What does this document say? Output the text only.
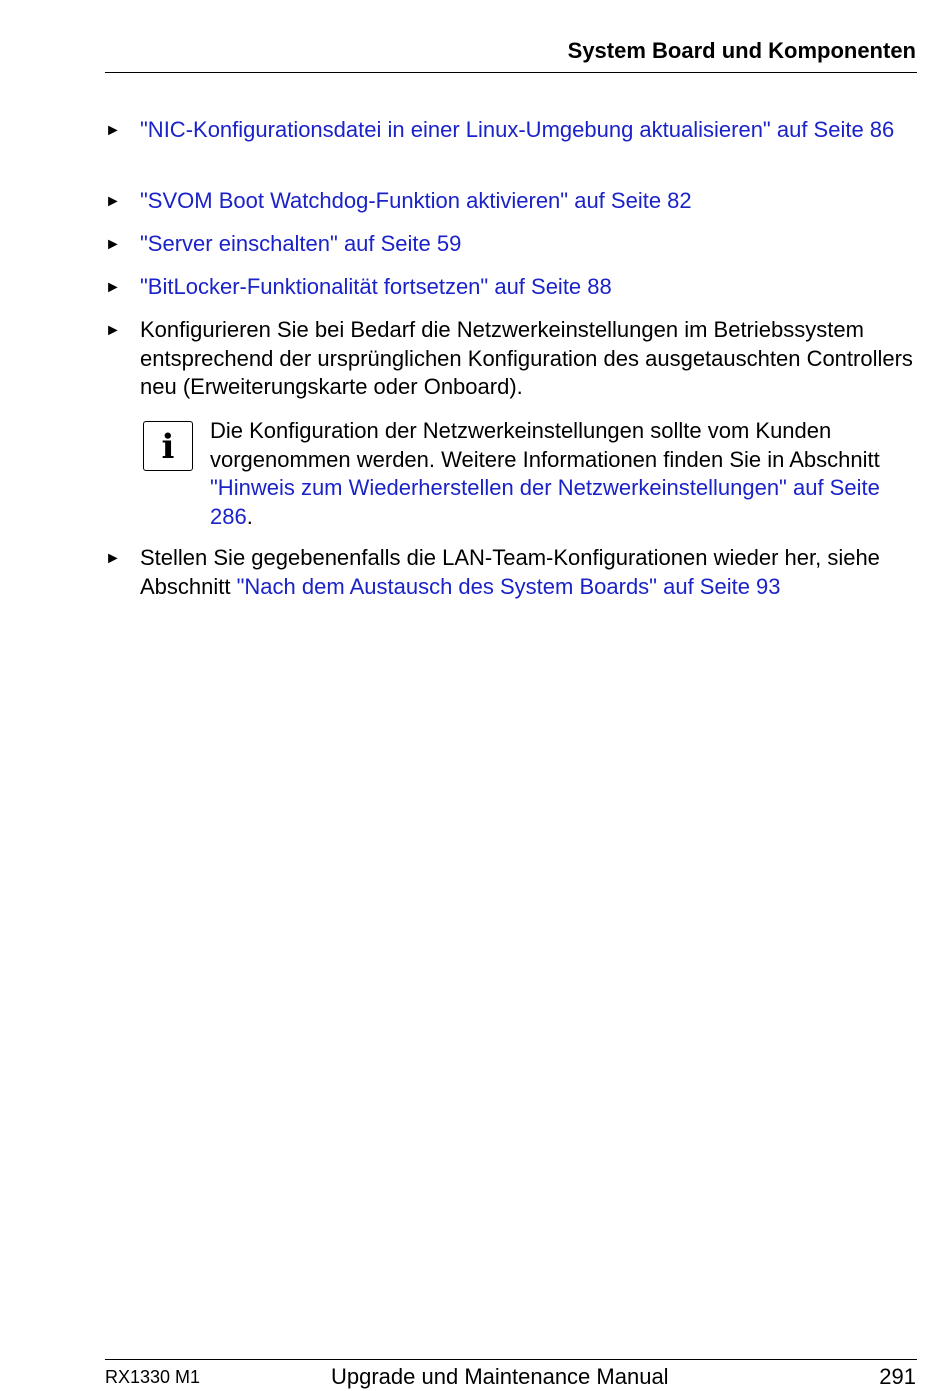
System Board und Komponenten
► "NIC-Konfigurationsdatei in einer Linux-Umgebung aktualisieren" auf Seite 86
► "SVOM Boot Watchdog-Funktion aktivieren" auf Seite 82
► "Server einschalten" auf Seite 59
► "BitLocker-Funktionalität fortsetzen" auf Seite 88
► Konfigurieren Sie bei Bedarf die Netzwerkeinstellungen im Betriebssystem entsprechend der ursprünglichen Konfiguration des ausgetauschten Controllers neu (Erweiterungskarte oder Onboard).
i	Die Konfiguration der Netzwerkeinstellungen sollte vom Kunden vorgenommen werden. Weitere Informationen finden Sie in Abschnitt "Hinweis zum Wiederherstellen der Netzwerkeinstellungen" auf Seite 286.
► Stellen Sie gegebenenfalls die LAN-Team-Konfigurationen wieder her, siehe Abschnitt "Nach dem Austausch des System Boards" auf Seite 93
RX1330 M1	Upgrade und Maintenance Manual	291
